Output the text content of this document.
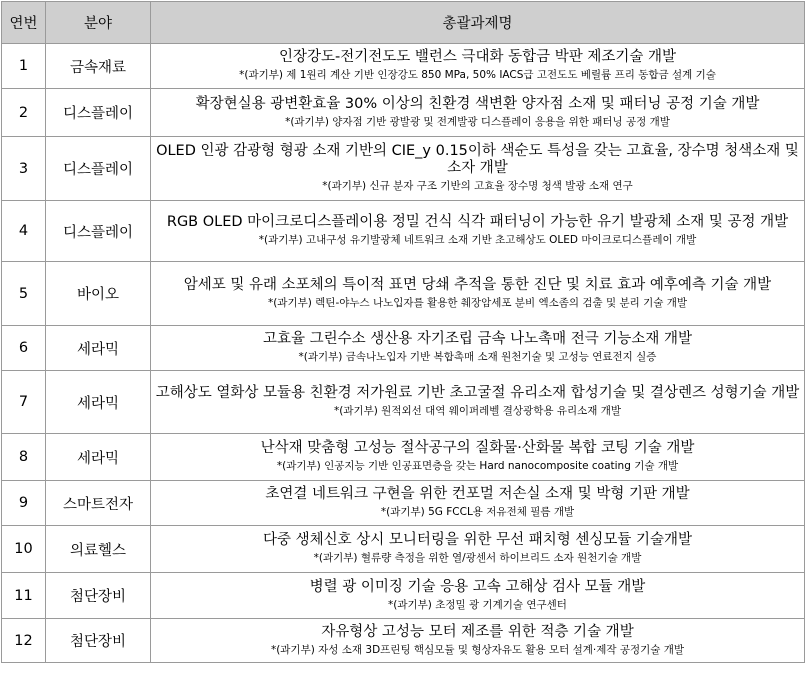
연번	분야	총괄과제명
1	금속재료	인장강도-전기전도도 밸런스 극대화 동합금 박판 제조기술 개발
*(과기부) 제 1원리 계산 기반 인장강도 850 MPa, 50% IACS급 고전도도 베릴륨 프리 동합금 설계 기술

2	디스플레이	확장현실용 광변환효율 30% 이상의 친환경 색변환 양자점 소재 및 패터닝 공정 기술 개발
*(과기부) 양자점 기반 광발광 및 전계발광 디스플레이 응용을 위한 패터닝 공정 개발

3	디스플레이	OLED 인광 감광형 형광 소재 기반의 CIE_y 0.15이하 색순도 특성을 갖는 고효율, 장수명 청색소재 및 소자 개발
*(과기부) 신규 분자 구조 기반의 고효율 장수명 청색 발광 소재 연구

4	디스플레이	RGB OLED 마이크로디스플레이용 정밀 건식 식각 패터닝이 가능한 유기 발광체 소재 및 공정 개발
*(과기부) 고내구성 유기발광체 네트워크 소재 기반 초고해상도 OLED 마이크로디스플레이 개발

5	바이오	암세포 및 유래 소포체의 특이적 표면 당쇄 추적을 통한 진단 및 치료 효과 예후예측 기술 개발
*(과기부) 렉틴-야누스 나노입자를 활용한 췌장암세포 분비 엑소좀의 검출 및 분리 기술 개발

6	세라믹	고효율 그린수소 생산용 자기조립 금속 나노촉매 전극 기능소재 개발
*(과기부) 금속나노입자 기반 복합촉매 소재 원천기술 및 고성능 연료전지 실증

7	세라믹	고해상도 열화상 모듈용 친환경 저가원료 기반 초고굴절 유리소재 합성기술 및 결상렌즈 성형기술 개발
*(과기부) 원적외선 대역 웨이퍼레벨 결상광학용 유리소재 개발

8	세라믹	난삭재 맞춤형 고성능 절삭공구의 질화물·산화물 복합 코팅 기술 개발
*(과기부) 인공지능 기반 인공표면층을 갖는 Hard nanocomposite coating 기술 개발

9	스마트전자	초연결 네트워크 구현을 위한 컨포멀 저손실 소재 및 박형 기판 개발
*(과기부) 5G FCCL용 저유전체 필름 개발

10	의료헬스	다중 생체신호 상시 모니터링을 위한 무선 패치형 센싱모듈 기술개발
*(과기부) 혈류량 측정을 위한 열/광센서 하이브리드 소자 원천기술 개발

11	첨단장비	병렬 광 이미징 기술 응용 고속 고해상 검사 모듈 개발
*(과기부) 초정밀 광 기계기술 연구센터

12	첨단장비	자유형상 고성능 모터 제조를 위한 적층 기술 개발
*(과기부) 자성 소재 3D프린팅 핵심모듈 및 형상자유도 활용 모터 설계·제작 공정기술 개발
